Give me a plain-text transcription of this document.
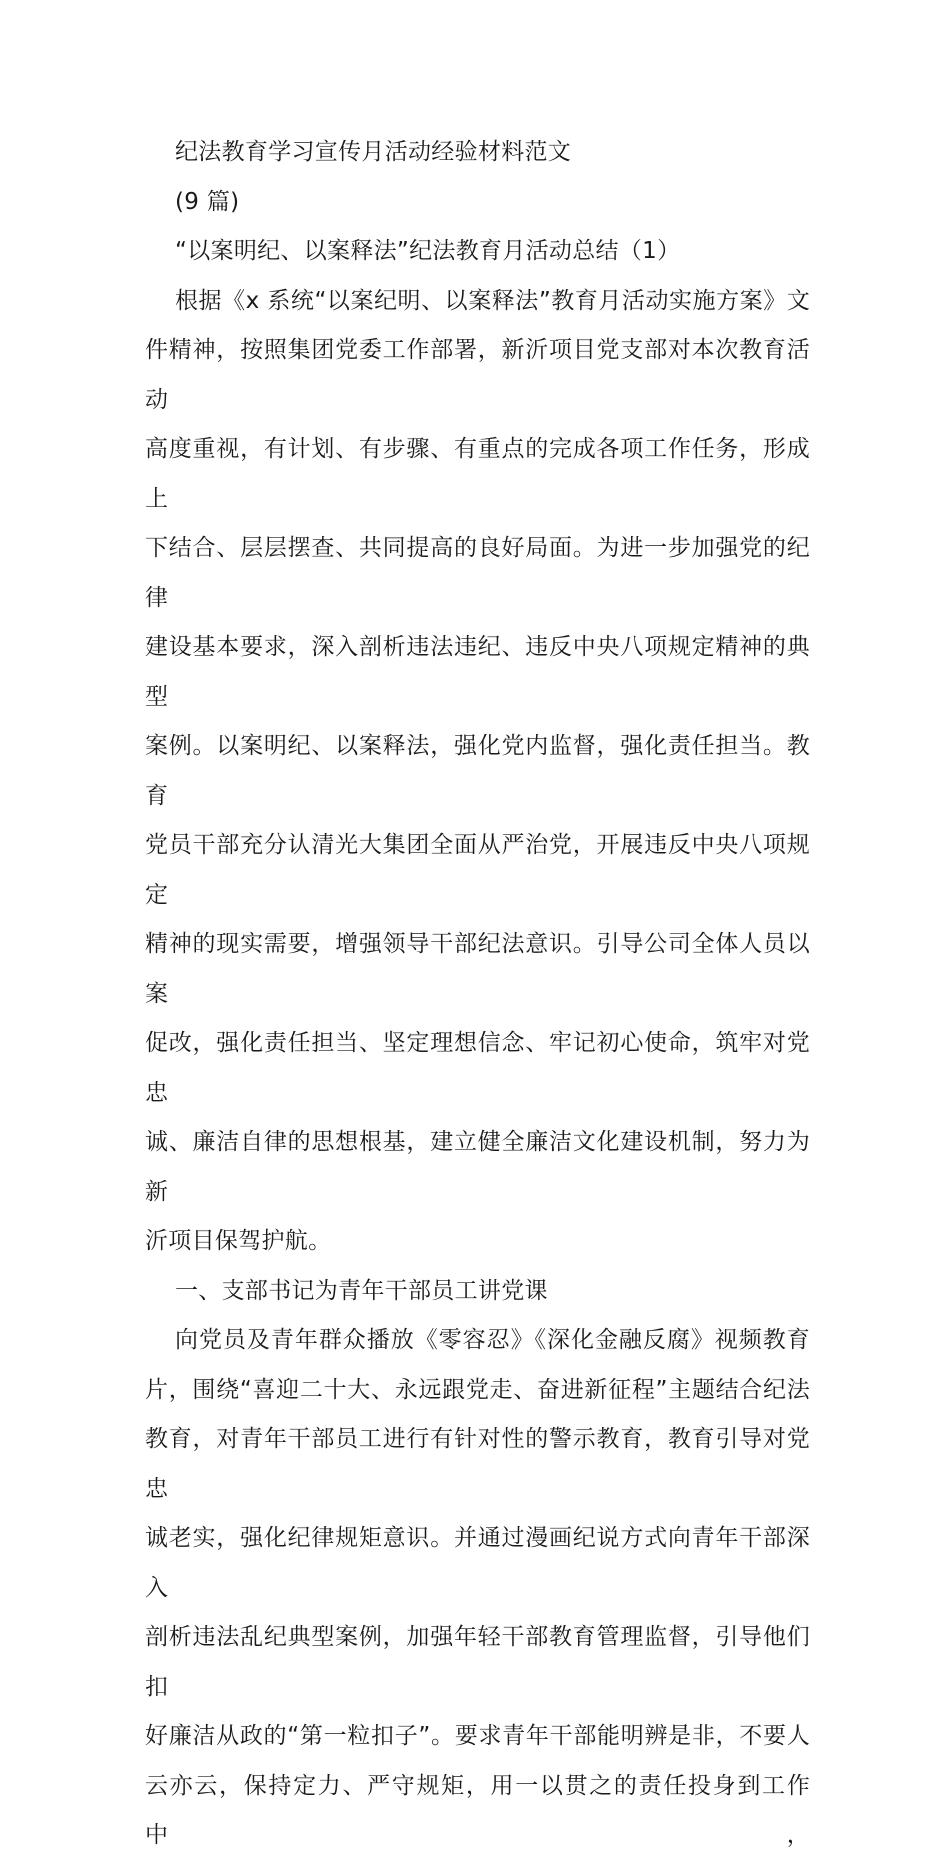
纪法教育学习宣传月活动经验材料范文
(9 篇)
“以案明纪、以案释法”纪法教育月活动总结（1）
根据《x 系统“以案纪明、以案释法”教育月活动实施方案》文
件精神，按照集团党委工作部署，新沂项目党支部对本次教育活动
高度重视，有计划、有步骤、有重点的完成各项工作任务，形成上
下结合、层层摆查、共同提高的良好局面。为进一步加强党的纪律
建设基本要求，深入剖析违法违纪、违反中央八项规定精神的典型
案例。以案明纪、以案释法，强化党内监督，强化责任担当。教育
党员干部充分认清光大集团全面从严治党，开展违反中央八项规定
精神的现实需要，增强领导干部纪法意识。引导公司全体人员以案
促改，强化责任担当、坚定理想信念、牢记初心使命，筑牢对党忠
诚、廉洁自律的思想根基，建立健全廉洁文化建设机制，努力为新
沂项目保驾护航。
一、支部书记为青年干部员工讲党课
向党员及青年群众播放《零容忍》《深化金融反腐》视频教育
片，围绕“喜迎二十大、永远跟党走、奋进新征程”主题结合纪法
教育，对青年干部员工进行有针对性的警示教育，教育引导对党忠
诚老实，强化纪律规矩意识。并通过漫画纪说方式向青年干部深入
剖析违法乱纪典型案例，加强年轻干部教育管理监督，引导他们扣
好廉洁从政的“第一粒扣子”。要求青年干部能明辨是非，不要人
云亦云，保持定力、严守规矩，用一以贯之的责任投身到工作中，
